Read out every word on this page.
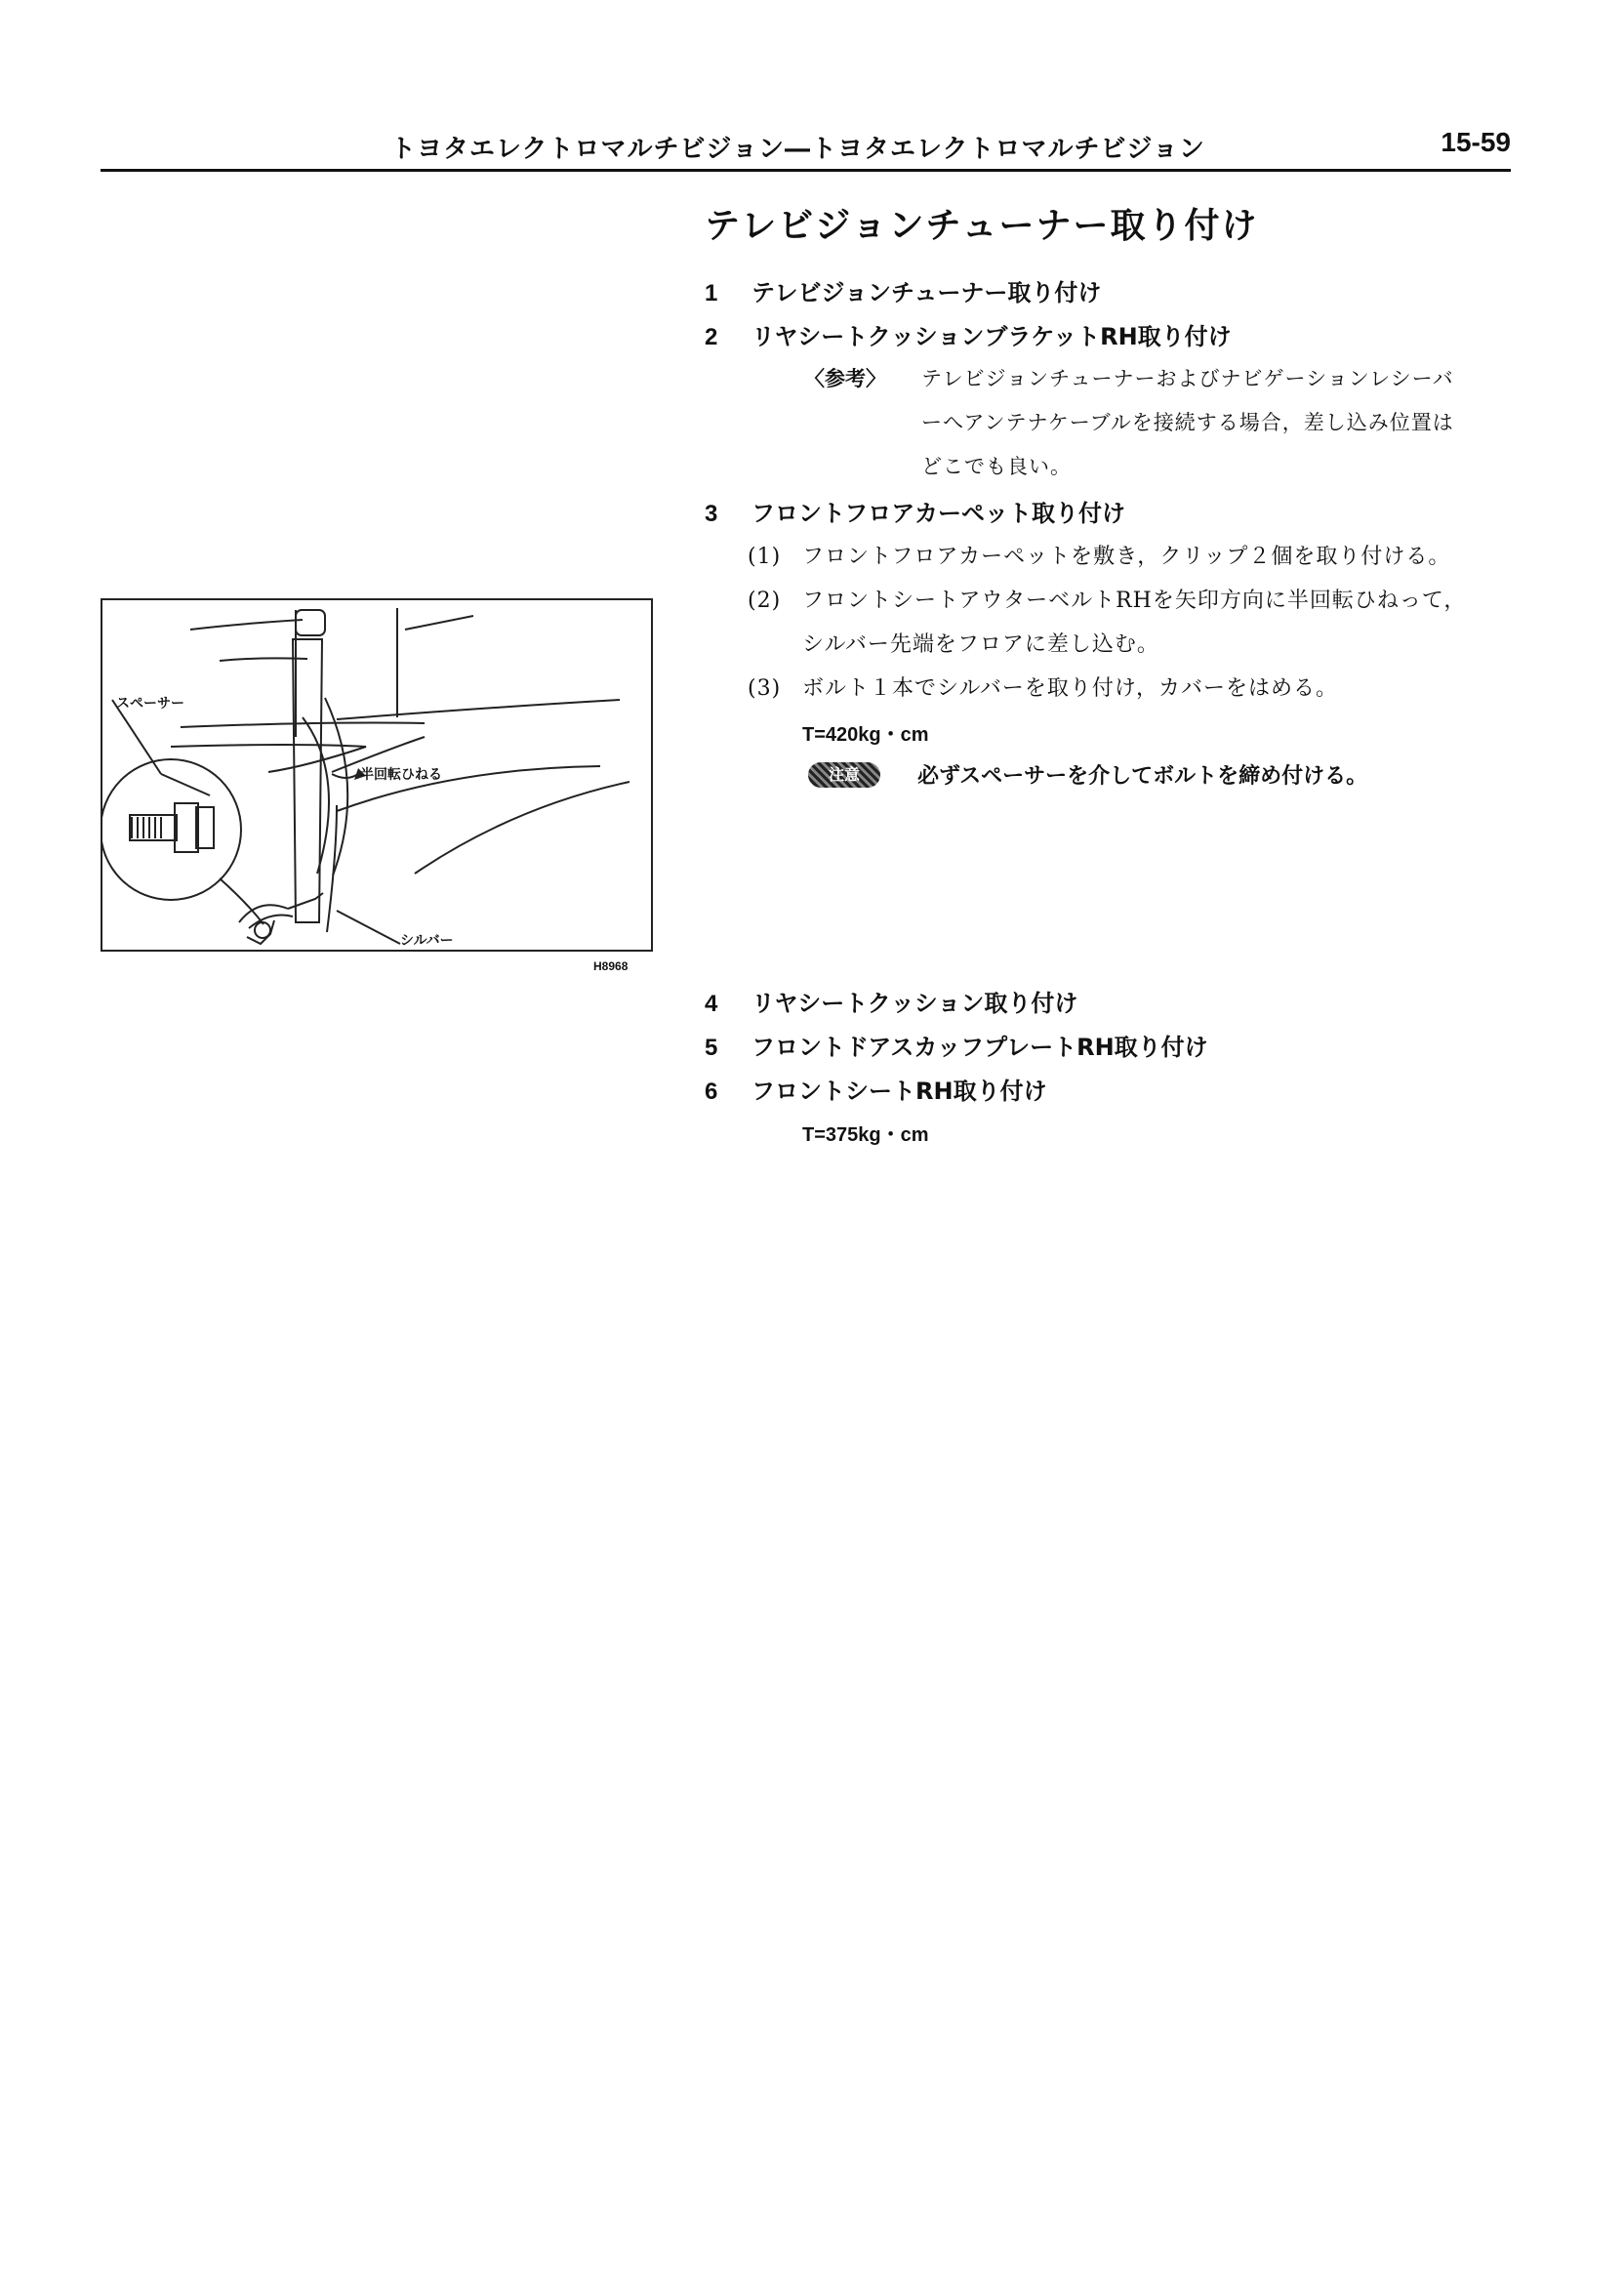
トヨタエレクトロマルチビジョン―トヨタエレクトロマルチビジョン	15-59
テレビジョンチューナー取り付け
1 テレビジョンチューナー取り付け
2 リヤシートクッションブラケットRH取り付け
〈参考〉 テレビジョンチューナーおよびナビゲーションレシーバ
ーへアンテナケーブルを接続する場合，差し込み位置は
どこでも良い。
3 フロントフロアカーペット取り付け
(1) フロントフロアカーペットを敷き，クリップ２個を取り付ける。
(2) フロントシートアウターベルトRHを矢印方向に半回転ひねって，
シルバー先端をフロアに差し込む。
(3) ボルト１本でシルバーを取り付け，カバーをはめる。
T=420kg・cm
注意	必ずスペーサーを介してボルトを締め付ける。
4 リヤシートクッション取り付け
5 フロントドアスカッフプレートRH取り付け
6 フロントシートRH取り付け
T=375kg・cm
スペーサー
半回転ひねる
シルバー
H8968
